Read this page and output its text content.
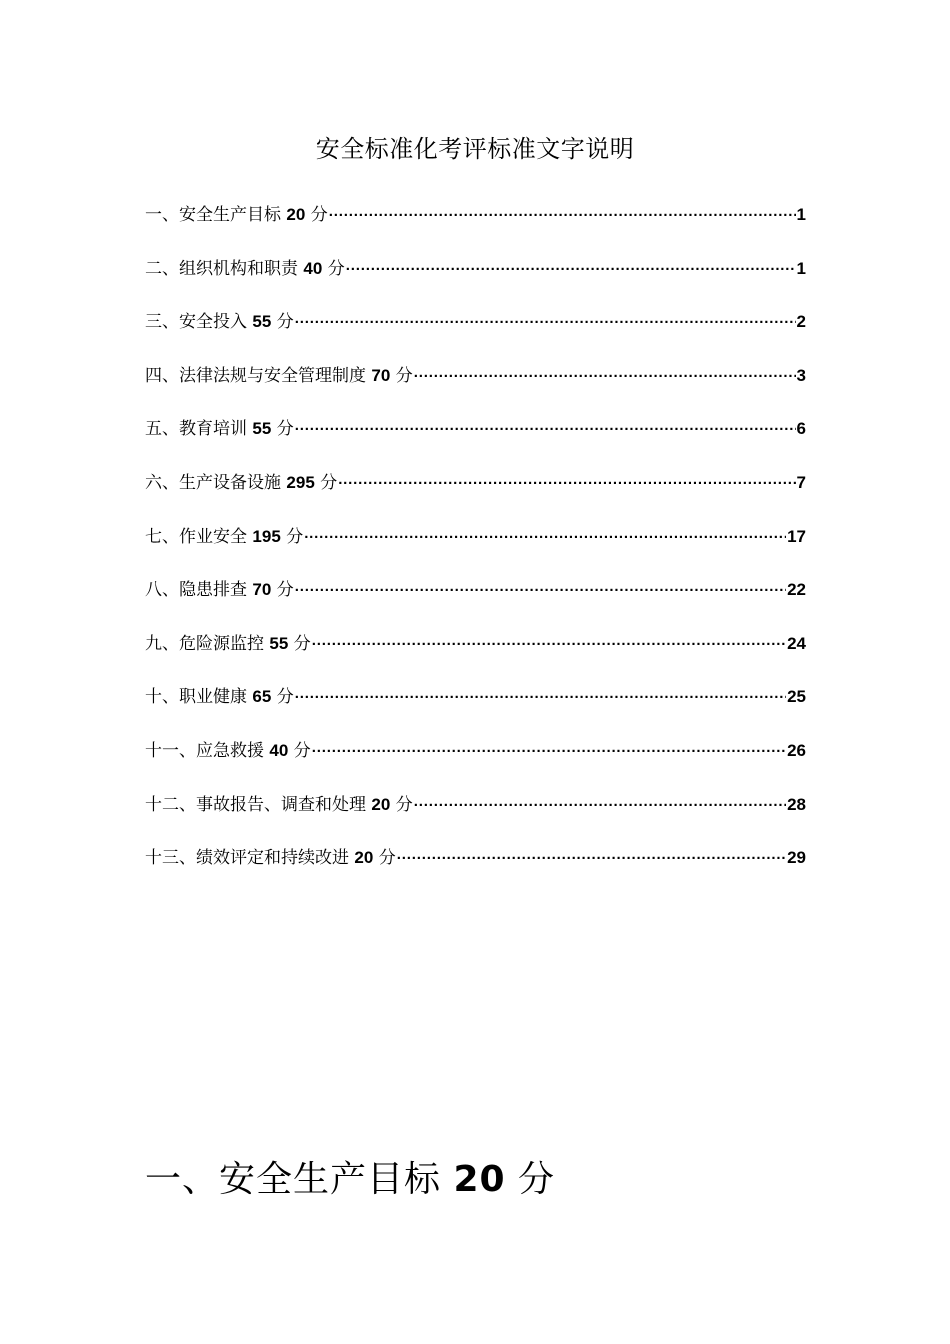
安全标准化考评标准文字说明
一、安全生产目标 20 分 ·····	1
二、组织机构和职责 40 分 ·····	1
三、安全投入 55 分 ·····	2
四、法律法规与安全管理制度 70 分 ·····	3
五、教育培训 55 分 ·····	6
六、生产设备设施 295 分 ·····	7
七、作业安全 195 分 ·····	17
八、隐患排查 70 分 ·····	22
九、危险源监控 55 分 ·····	24
十、职业健康 65 分 ·····	25
十一、应急救援 40 分 ·····	26
十二、事故报告、调查和处理 20 分 ·····	28
十三、绩效评定和持续改进 20 分 ·····	29
一、安全生产目标 20 分
